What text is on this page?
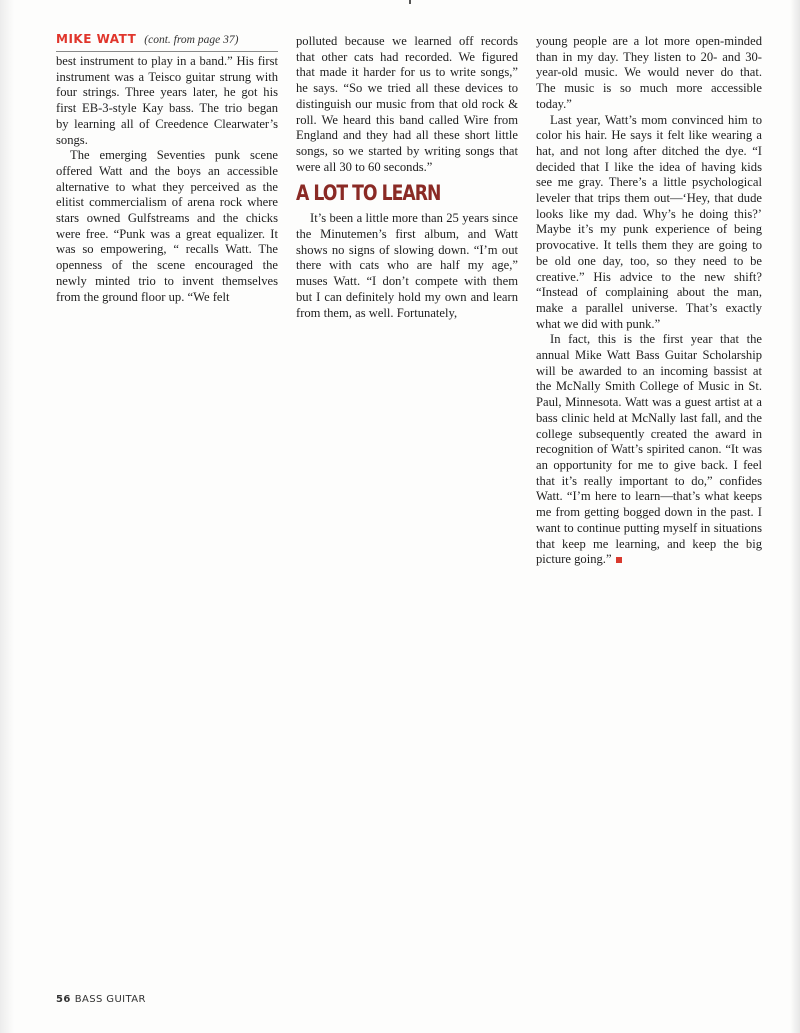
MIKE WATT (cont. from page 37)

best instrument to play in a band.” His first instrument was a Teisco guitar strung with four strings. Three years later, he got his first EB-3-style Kay bass. The trio began by learning all of Creedence Clearwater’s songs.

The emerging Seventies punk scene offered Watt and the boys an accessible alternative to what they perceived as the elitist commercialism of arena rock where stars owned Gulfstreams and the chicks were free. “Punk was a great equalizer. It was so empowering, “ recalls Watt. The openness of the scene encouraged the newly minted trio to invent themselves from the ground floor up. “We felt

polluted because we learned off records that other cats had recorded. We figured that made it harder for us to write songs,” he says. “So we tried all these devices to distinguish our music from that old rock & roll. We heard this band called Wire from England and they had all these short little songs, so we started by writing songs that were all 30 to 60 seconds.”

A LOT TO LEARN

It’s been a little more than 25 years since the Minutemen’s first album, and Watt shows no signs of slowing down. “I’m out there with cats who are half my age,” muses Watt. “I don’t compete with them but I can definitely hold my own and learn from them, as well. Fortunately,

young people are a lot more open-minded than in my day. They listen to 20- and 30-year-old music. We would never do that. The music is so much more accessible today.”

Last year, Watt’s mom convinced him to color his hair. He says it felt like wearing a hat, and not long after ditched the dye. “I decided that I like the idea of having kids see me gray. There’s a little psychological leveler that trips them out—‘Hey, that dude looks like my dad. Why’s he doing this?’ Maybe it’s my punk experience of being provocative. It tells them they are going to be old one day, too, so they need to be creative.” His advice to the new shift? “Instead of complaining about the man, make a parallel universe. That’s exactly what we did with punk.”

In fact, this is the first year that the annual Mike Watt Bass Guitar Scholarship will be awarded to an incoming bassist at the McNally Smith College of Music in St. Paul, Minnesota. Watt was a guest artist at a bass clinic held at McNally last fall, and the college subsequently created the award in recognition of Watt’s spirited canon. “It was an opportunity for me to give back. I feel that it’s really important to do,” confides Watt. “I’m here to learn—that’s what keeps me from getting bogged down in the past. I want to continue putting myself in situations that keep me learning, and keep the big picture going.”

56 BASS GUITAR
